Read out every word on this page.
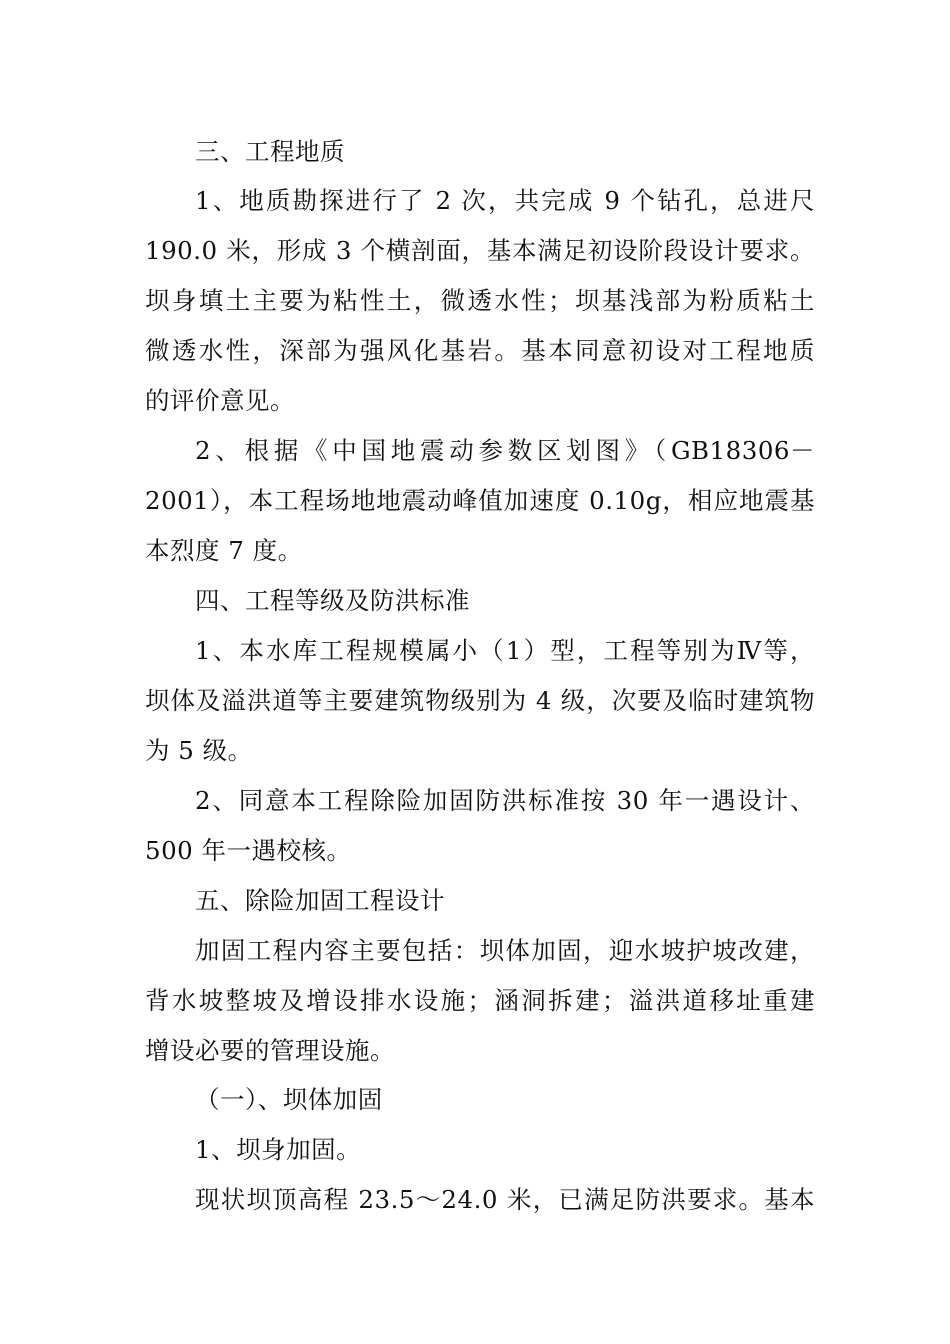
三、工程地质
1、地质勘探进行了 2 次，共完成 9 个钻孔，总进尺
190.0 米，形成 3 个横剖面，基本满足初设阶段设计要求。
坝身填土主要为粘性土，微透水性；坝基浅部为粉质粘土
微透水性，深部为强风化基岩。基本同意初设对工程地质
的评价意见。
2、根据《中国地震动参数区划图》（GB18306－
2001），本工程场地地震动峰值加速度 0.10g，相应地震基
本烈度 7 度。
四、工程等级及防洪标准
1、本水库工程规模属小（1）型，工程等别为Ⅳ等，
坝体及溢洪道等主要建筑物级别为 4 级，次要及临时建筑物
为 5 级。
2、同意本工程除险加固防洪标准按 30 年一遇设计、
500 年一遇校核。
五、除险加固工程设计
加固工程内容主要包括：坝体加固，迎水坡护坡改建，
背水坡整坡及增设排水设施；涵洞拆建；溢洪道移址重建
增设必要的管理设施。
（一）、坝体加固
1、坝身加固。
现状坝顶高程 23.5～24.0 米，已满足防洪要求。基本
